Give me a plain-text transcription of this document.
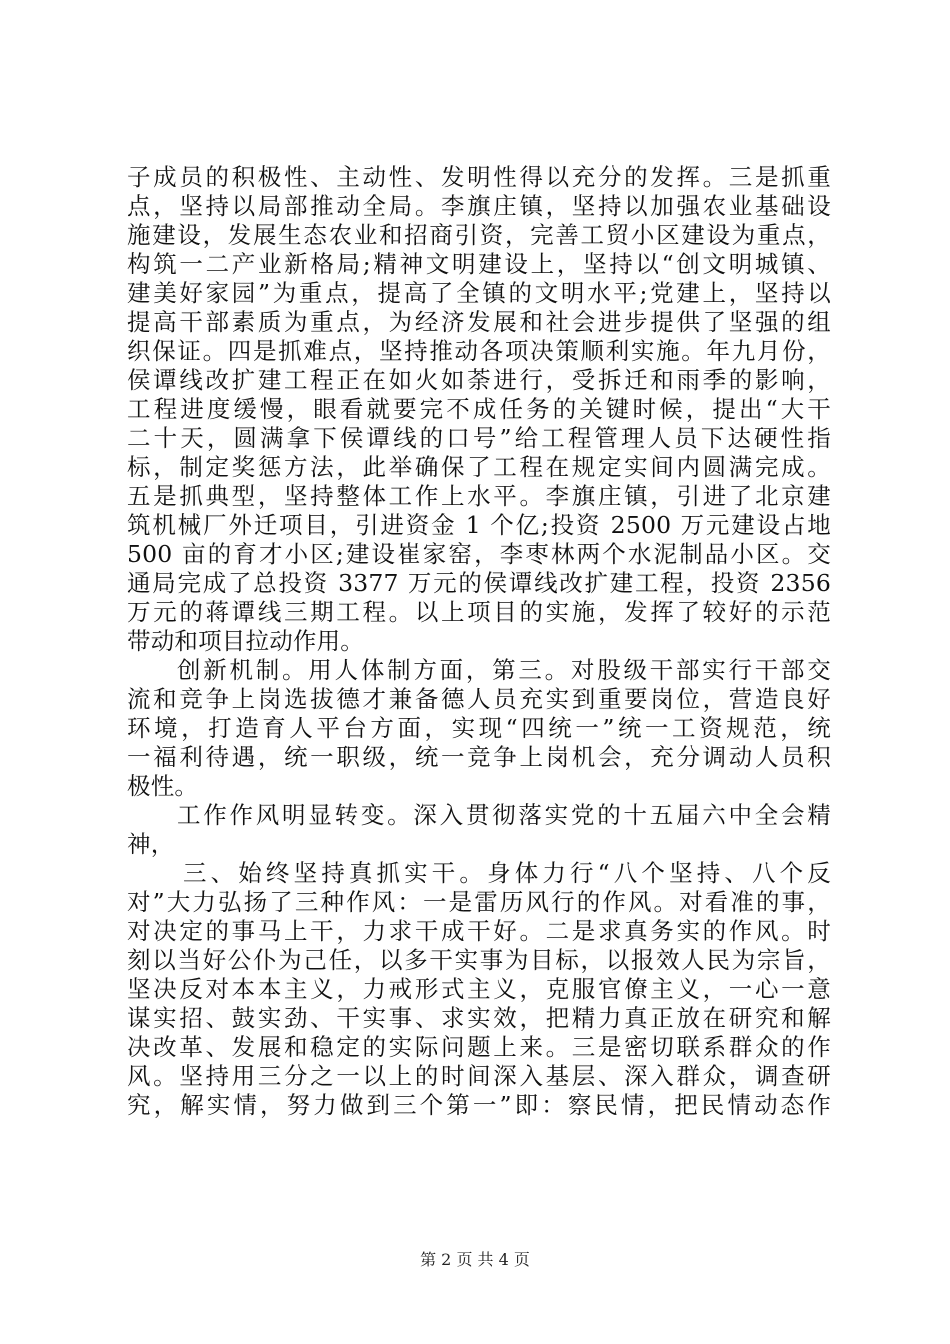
子成员的积极性、主动性、发明性得以充分的发挥。三是抓重
点，坚持以局部推动全局。李旗庄镇，坚持以加强农业基础设
施建设，发展生态农业和招商引资，完善工贸小区建设为重点，
构筑一二产业新格局;精神文明建设上，坚持以“创文明城镇、
建美好家园”为重点，提高了全镇的文明水平;党建上，坚持以
提高干部素质为重点，为经济发展和社会进步提供了坚强的组
织保证。四是抓难点，坚持推动各项决策顺利实施。年九月份，
侯谭线改扩建工程正在如火如荼进行，受拆迁和雨季的影响，
工程进度缓慢，眼看就要完不成任务的关键时候，提出“大干
二十天，圆满拿下侯谭线的口号”给工程管理人员下达硬性指
标，制定奖惩方法，此举确保了工程在规定实间内圆满完成。
五是抓典型，坚持整体工作上水平。李旗庄镇，引进了北京建
筑机械厂外迁项目，引进资金 1 个亿;投资 2500 万元建设占地
500 亩的育才小区;建设崔家窑，李枣林两个水泥制品小区。交
通局完成了总投资 3377 万元的侯谭线改扩建工程，投资 2356
万元的蒋谭线三期工程。以上项目的实施，发挥了较好的示范
带动和项目拉动作用。
创新机制。用人体制方面，第三。对股级干部实行干部交
流和竞争上岗选拔德才兼备德人员充实到重要岗位，营造良好
环境，打造育人平台方面，实现“四统一”统一工资规范，统
一福利待遇，统一职级，统一竞争上岗机会，充分调动人员积
极性。
工作作风明显转变。深入贯彻落实党的十五届六中全会精
神，
三、始终坚持真抓实干。身体力行“八个坚持、八个反
对”大力弘扬了三种作风：一是雷历风行的作风。对看准的事，
对决定的事马上干，力求干成干好。二是求真务实的作风。时
刻以当好公仆为己任，以多干实事为目标，以报效人民为宗旨，
坚决反对本本主义，力戒形式主义，克服官僚主义，一心一意
谋实招、鼓实劲、干实事、求实效，把精力真正放在研究和解
决改革、发展和稳定的实际问题上来。三是密切联系群众的作
风。坚持用三分之一以上的时间深入基层、深入群众，调查研
究，解实情，努力做到三个第一”即：察民情，把民情动态作
第 2 页 共 4 页
